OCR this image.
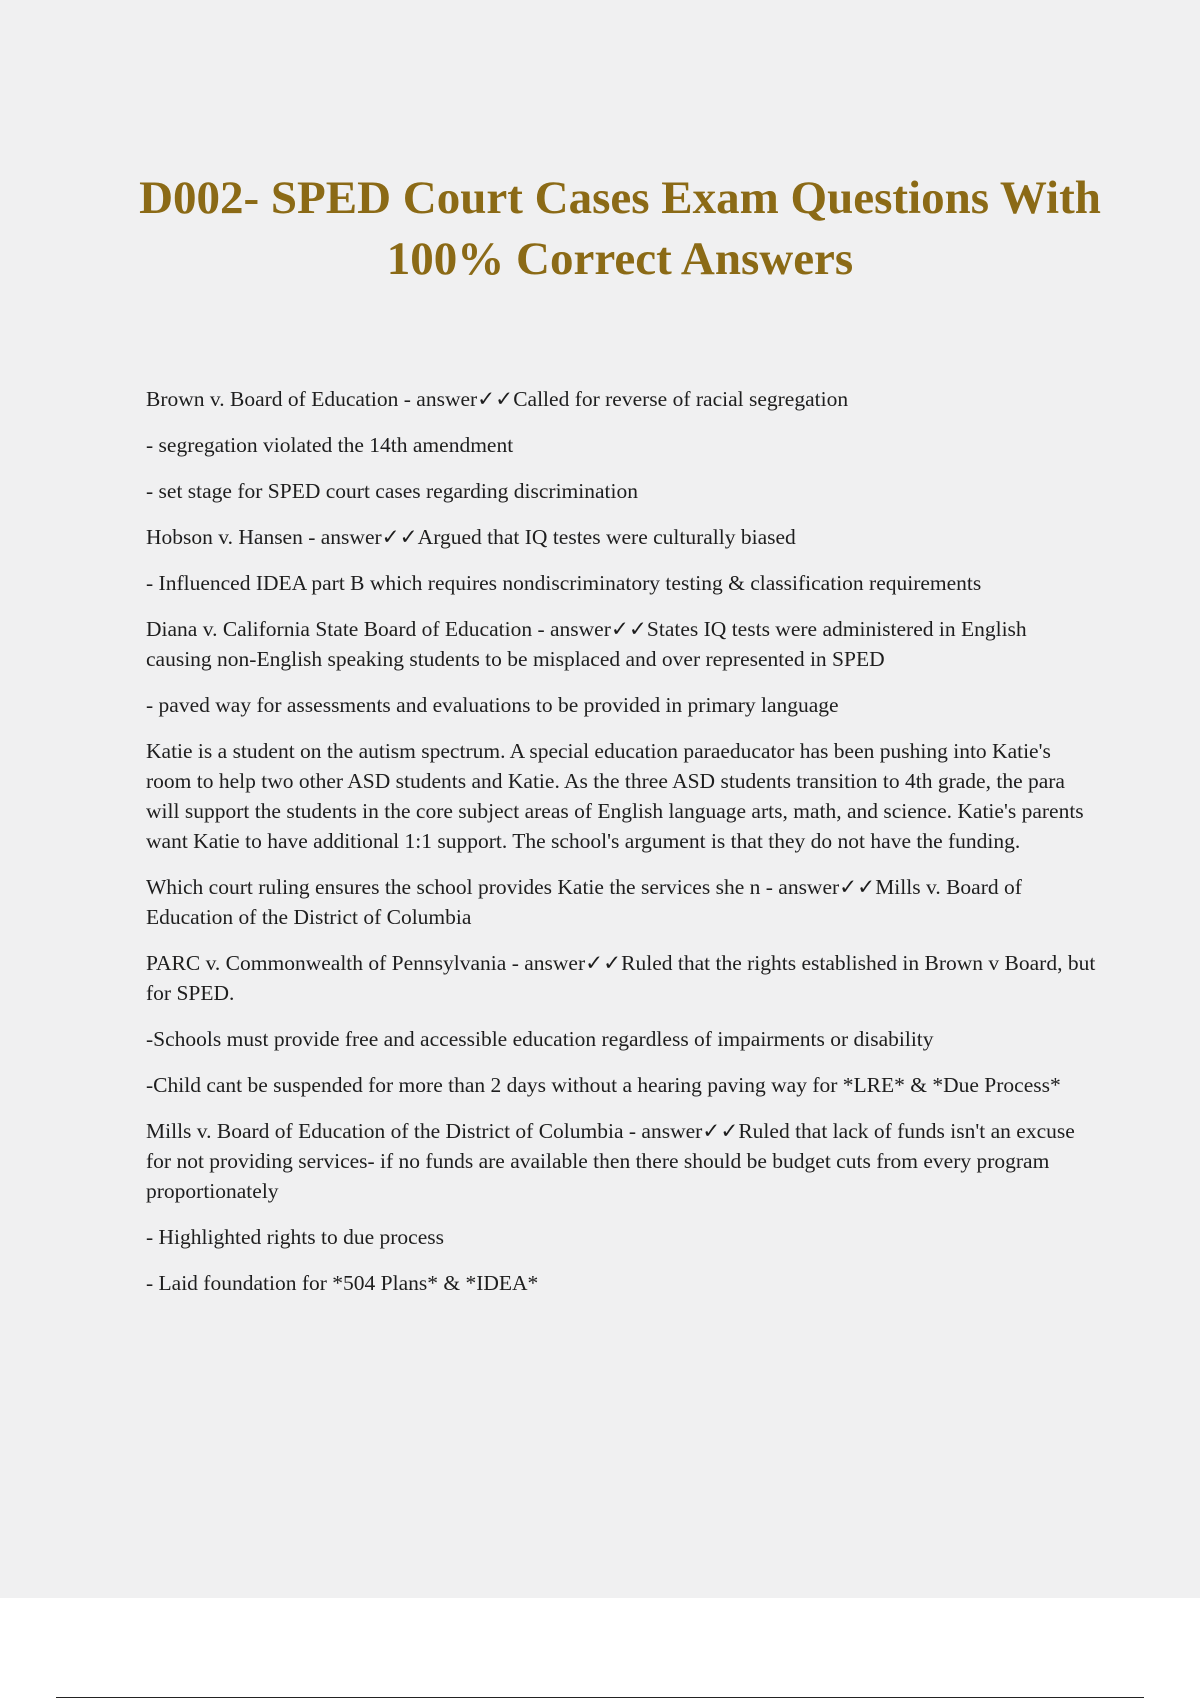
D002- SPED Court Cases Exam Questions With 100% Correct Answers

Brown v. Board of Education - answer✓✓Called for reverse of racial segregation

- segregation violated the 14th amendment

- set stage for SPED court cases regarding discrimination

Hobson v. Hansen - answer✓✓Argued that IQ testes were culturally biased

- Influenced IDEA part B which requires nondiscriminatory testing & classification requirements

Diana v. California State Board of Education - answer✓✓States IQ tests were administered in English causing non-English speaking students to be misplaced and over represented in SPED

- paved way for assessments and evaluations to be provided in primary language

Katie is a student on the autism spectrum. A special education paraeducator has been pushing into Katie's room to help two other ASD students and Katie. As the three ASD students transition to 4th grade, the para will support the students in the core subject areas of English language arts, math, and science. Katie's parents want Katie to have additional 1:1 support. The school's argument is that they do not have the funding.

Which court ruling ensures the school provides Katie the services she n - answer✓✓Mills v. Board of Education of the District of Columbia

PARC v. Commonwealth of Pennsylvania - answer✓✓Ruled that the rights established in Brown v Board, but for SPED.

-Schools must provide free and accessible education regardless of impairments or disability

-Child cant be suspended for more than 2 days without a hearing paving way for *LRE* & *Due Process*

Mills v. Board of Education of the District of Columbia - answer✓✓Ruled that lack of funds isn't an excuse for not providing services- if no funds are available then there should be budget cuts from every program proportionately

- Highlighted rights to due process

- Laid foundation for *504 Plans* & *IDEA*
